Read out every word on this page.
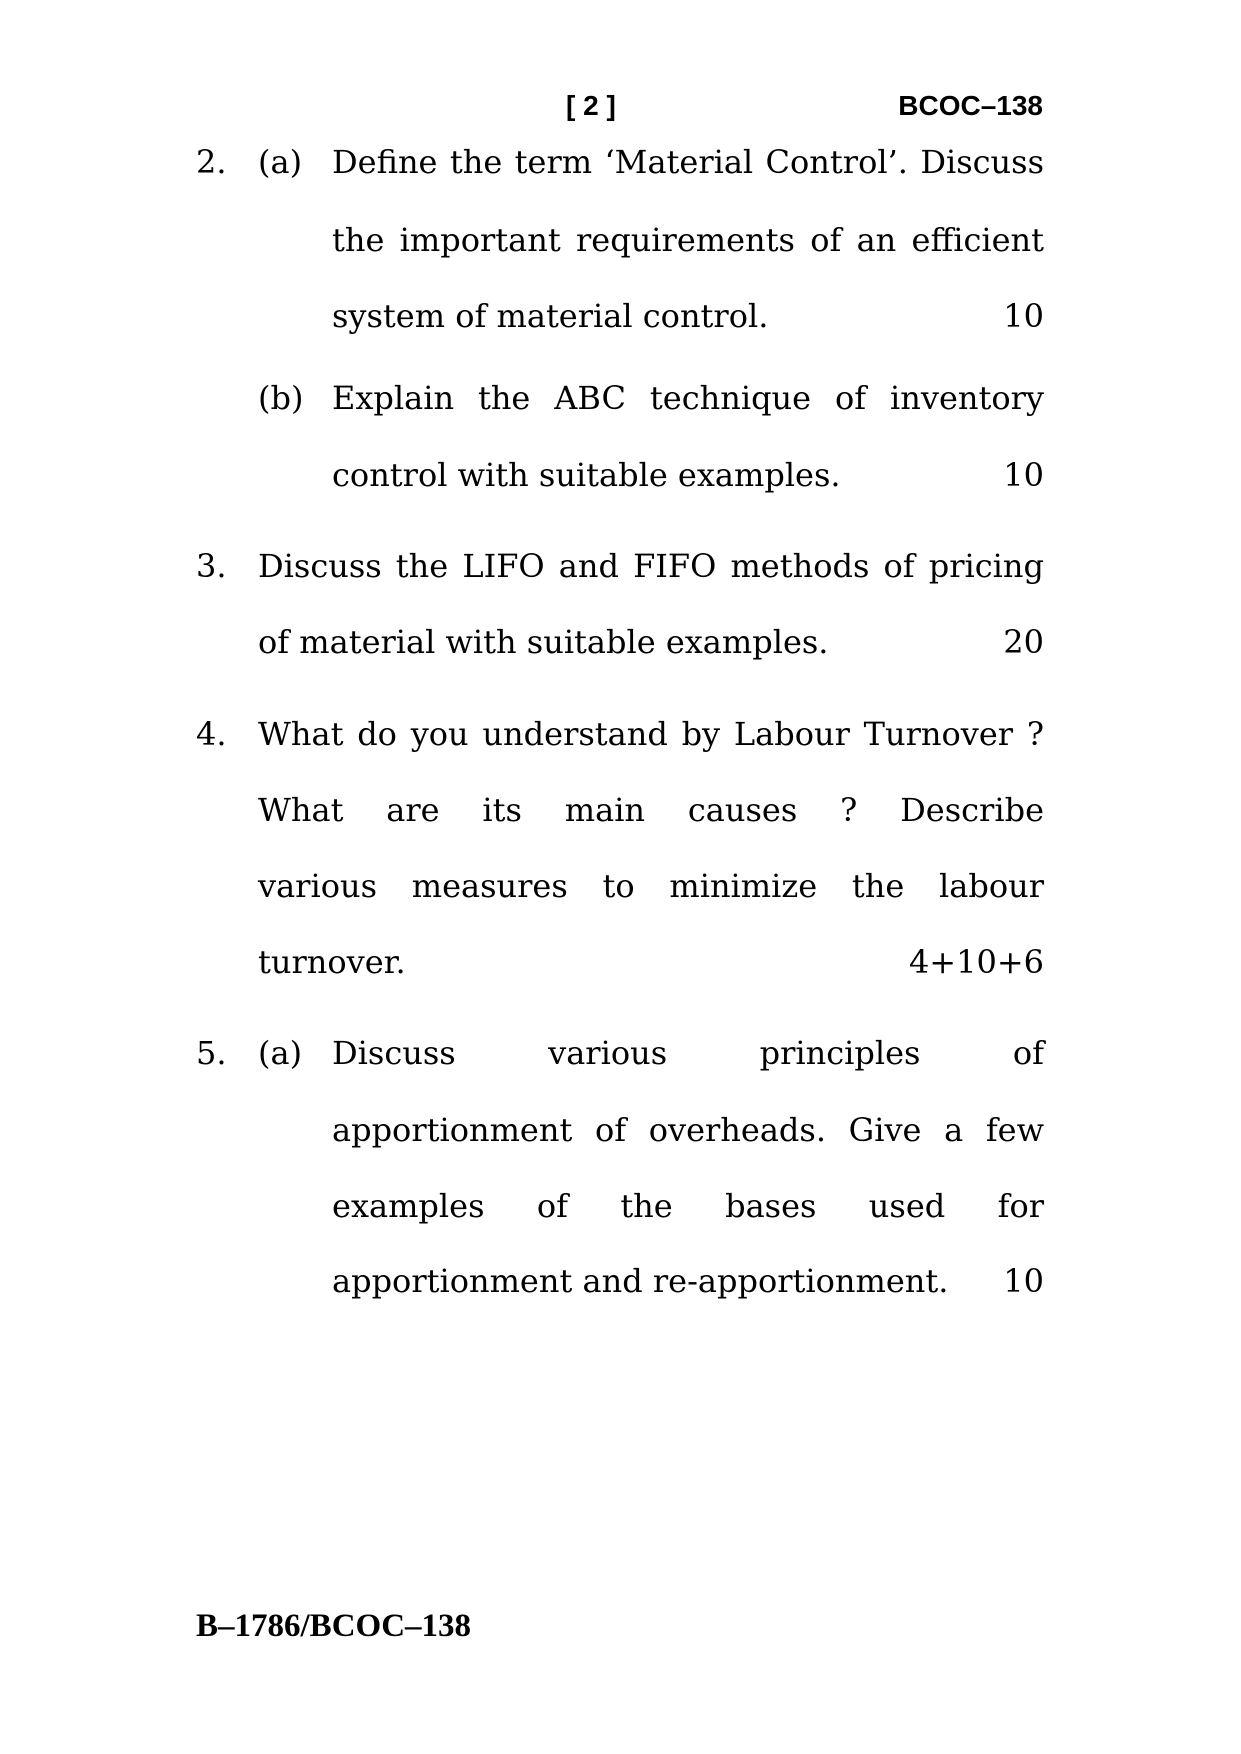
[ 2 ]	BCOC–138
2. (a) Define the term ‘Material Control’. Discuss
the important requirements of an efficient
system of material control.	10
(b) Explain the ABC technique of inventory
control with suitable examples.	10
3. Discuss the LIFO and FIFO methods of pricing
of material with suitable examples.	20
4. What do you understand by Labour Turnover ?
What are its main causes ? Describe
various measures to minimize the labour
turnover.	4+10+6
5. (a) Discuss various principles of
apportionment of overheads. Give a few
examples of the bases used for
apportionment and re-apportionment. 10
B–1786/BCOC–138
